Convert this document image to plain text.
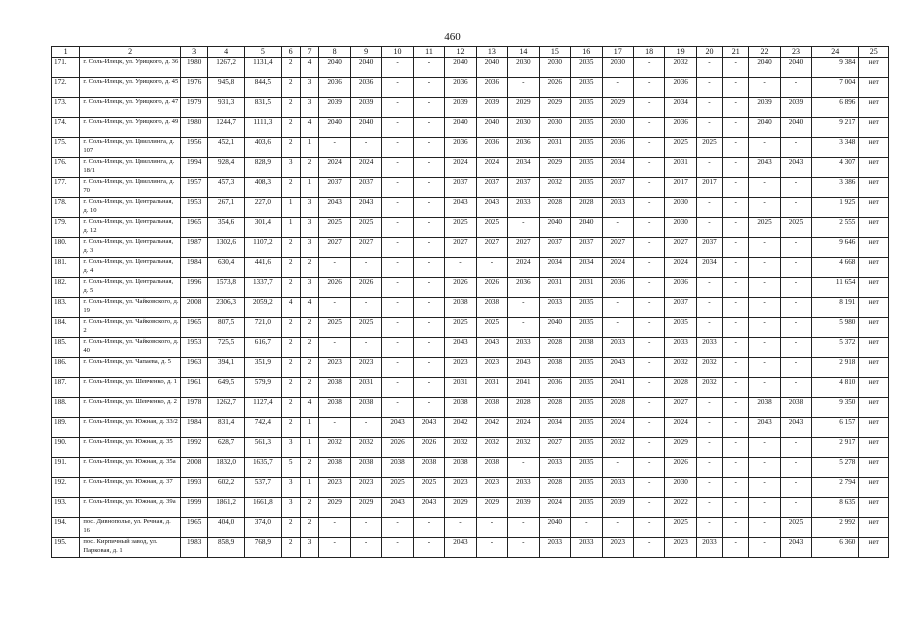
460
1	2	3	4	5	6	7	8	9	10	11	12	13	14	15	16	17	18	19	20	21	22	23	24	25
171.	г. Соль-Илецк, ул. Урицкого, д. 36	1980	1267,2	1131,4	2	4	2040	2040	-	-	2040	2040	2030	2030	2035	2030	-	2032	-	-	2040	2040	9 384	нет
172.	г. Соль-Илецк, ул. Урицкого, д. 45	1976	945,8	844,5	2	3	2036	2036	-	-	2036	2036	-	2026	2035	-	-	2036	-	-	-	-	7 004	нет
173.	г. Соль-Илецк, ул. Урицкого, д. 47	1979	931,3	831,5	2	3	2039	2039	-	-	2039	2039	2029	2029	2035	2029	-	2034	-	-	2039	2039	6 896	нет
174.	г. Соль-Илецк, ул. Урицкого, д. 49	1980	1244,7	1111,3	2	4	2040	2040	-	-	2040	2040	2030	2030	2035	2030	-	2036	-	-	2040	2040	9 217	нет
175.	г. Соль-Илецк, ул. Цвиллинга, д. 107	1956	452,1	403,6	2	1	-	-	-	-	2036	2036	2036	2031	2035	2036	-	2025	2025	-	-	-	3 348	нет
176.	г. Соль-Илецк, ул. Цвиллинга, д. 18/1	1994	928,4	828,9	3	2	2024	2024	-	-	2024	2024	2034	2029	2035	2034	-	2031	-	-	2043	2043	4 307	нет
177.	г. Соль-Илецк, ул. Цвиллинга, д. 70	1957	457,3	408,3	2	1	2037	2037	-	-	2037	2037	2037	2032	2035	2037	-	2017	2017	-	-	-	3 386	нет
178.	г. Соль-Илецк, ул. Центральная, д. 10	1953	267,1	227,0	1	3	2043	2043	-	-	2043	2043	2033	2028	2028	2033	-	2030	-	-	-	-	1 925	нет
179.	г. Соль-Илецк, ул. Центральная, д. 12	1965	354,6	301,4	1	3	2025	2025	-	-	2025	2025	-	2040	2040	-	-	2030	-	-	2025	2025	2 555	нет
180.	г. Соль-Илецк, ул. Центральная, д. 3	1987	1302,6	1107,2	2	3	2027	2027	-	-	2027	2027	2027	2037	2037	2027	-	2027	2037	-	-	-	9 646	нет
181.	г. Соль-Илецк, ул. Центральная, д. 4	1984	630,4	441,6	2	2	-	-	-	-	-	-	2024	2034	2034	2024	-	2024	2034	-	-	-	4 668	нет
182.	г. Соль-Илецк, ул. Центральная, д. 5	1996	1573,8	1337,7	2	3	2026	2026	-	-	2026	2026	2036	2031	2031	2036	-	2036	-	-	-	-	11 654	нет
183.	г. Соль-Илецк, ул. Чайковского, д. 19	2008	2306,3	2059,2	4	4	-	-	-	-	2038	2038	-	2033	2035	-	-	2037	-	-	-	-	8 191	нет
184.	г. Соль-Илецк, ул. Чайковского, д. 2	1965	807,5	721,0	2	2	2025	2025	-	-	2025	2025	-	2040	2035	-	-	2035	-	-	-	-	5 980	нет
185.	г. Соль-Илецк, ул. Чайковского, д. 40	1953	725,5	616,7	2	2	-	-	-	-	2043	2043	2033	2028	2038	2033	-	2033	2033	-	-	-	5 372	нет
186.	г. Соль-Илецк, ул. Чапаева, д. 5	1963	394,1	351,9	2	2	2023	2023	-	-	2023	2023	2043	2038	2035	2043	-	2032	2032	-	-	-	2 918	нет
187.	г. Соль-Илецк, ул. Шевченко, д. 1	1961	649,5	579,9	2	2	2038	2031	-	-	2031	2031	2041	2036	2035	2041	-	2028	2032	-	-	-	4 810	нет
188.	г. Соль-Илецк, ул. Шевченко, д. 2	1978	1262,7	1127,4	2	4	2038	2038	-	-	2038	2038	2028	2028	2035	2028	-	2027	-	-	2038	2038	9 350	нет
189.	г. Соль-Илецк, ул. Южная, д. 33/2	1984	831,4	742,4	2	1	-	-	2043	2043	2042	2042	2024	2034	2035	2024	-	2024	-	-	2043	2043	6 157	нет
190.	г. Соль-Илецк, ул. Южная, д. 35	1992	628,7	561,3	3	1	2032	2032	2026	2026	2032	2032	2032	2027	2035	2032	-	2029	-	-	-	-	2 917	нет
191.	г. Соль-Илецк, ул. Южная, д. 35а	2008	1832,0	1635,7	5	2	2038	2038	2038	2038	2038	2038	-	2033	2035	-	-	2026	-	-	-	-	5 278	нет
192.	г. Соль-Илецк, ул. Южная, д. 37	1993	602,2	537,7	3	1	2023	2023	2025	2025	2023	2023	2033	2028	2035	2033	-	2030	-	-	-	-	2 794	нет
193.	г. Соль-Илецк, ул. Южная, д. 39а	1999	1861,2	1661,8	3	2	2029	2029	2043	2043	2029	2029	2039	2024	2035	2039	-	2022	-	-	-	-	8 635	нет
194.	пос. Дивнополье, ул. Речная, д. 16	1965	404,0	374,0	2	2	-	-	-	-	-	-	-	2040	-	-	-	2025	-	-	-	2025	2 992	нет
195.	пос. Кирпичный завод, ул. Парковая, д. 1	1983	858,9	768,9	2	3	-	-	-	-	2043	-	-	2033	2033	2023	-	2023	2033	-	-	2043	6 360	нет
